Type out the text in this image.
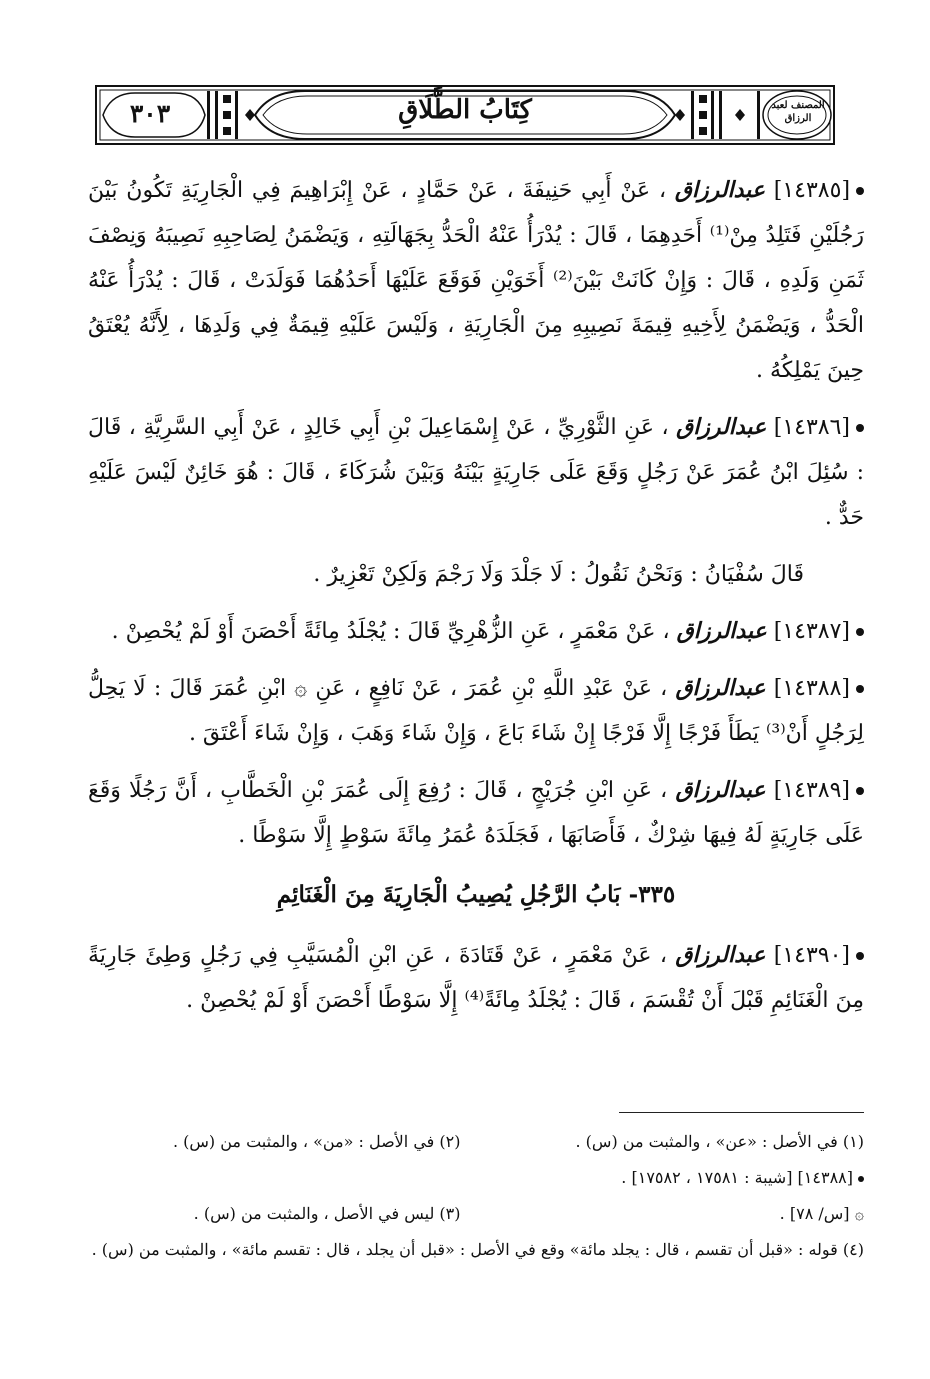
كِتَابُ الطَّلَاقِ
٣٠٣	المصنف لعبد الرزاق

[١٤٣٨٥] عبدالرزاق ، عَنْ أَبِي حَنِيفَةَ ، عَنْ حَمَّادٍ ، عَنْ إِبْرَاهِيمَ فِي الْجَارِيَةِ تَكُونُ بَيْنَ رَجُلَيْنِ فَتَلِدُ مِنْ⁽¹⁾ أَحَدِهِمَا ، قَالَ : يُدْرَأُ عَنْهُ الْحَدُّ بِجَهَالَتِهِ ، وَيَضْمَنُ لِصَاحِبِهِ نَصِيبَهُ وَنِصْفَ ثَمَنِ وَلَدِهِ ، قَالَ : وَإِنْ كَانَتْ بَيْنَ⁽²⁾ أَخَوَيْنِ فَوَقَعَ عَلَيْهَا أَحَدُهُمَا فَوَلَدَتْ ، قَالَ : يُدْرَأُ عَنْهُ الْحَدُّ ، وَيَضْمَنُ لِأَخِيهِ قِيمَةَ نَصِيبِهِ مِنَ الْجَارِيَةِ ، وَلَيْسَ عَلَيْهِ قِيمَةٌ فِي وَلَدِهَا ، لِأَنَّهُ يُعْتَقُ حِينَ يَمْلِكُهُ .

[١٤٣٨٦] عبدالرزاق ، عَنِ الثَّوْرِيِّ ، عَنْ إِسْمَاعِيلَ بْنِ أَبِي خَالِدٍ ، عَنْ أَبِي السَّرِيَّةِ ، قَالَ : سُئِلَ ابْنُ عُمَرَ عَنْ رَجُلٍ وَقَعَ عَلَى جَارِيَةٍ بَيْنَهُ وَبَيْنَ شُرَكَاءَ ، قَالَ : هُوَ خَائِنٌ لَيْسَ عَلَيْهِ حَدٌّ .

قَالَ سُفْيَانُ : وَنَحْنُ نَقُولُ : لَا جَلْدَ وَلَا رَجْمَ وَلَكِنْ تَعْزِيرٌ .

[١٤٣٨٧] عبدالرزاق ، عَنْ مَعْمَرٍ ، عَنِ الزُّهْرِيِّ قَالَ : يُجْلَدُ مِائَةً أَحْصَنَ أَوْ لَمْ يُحْصِنْ .

[١٤٣٨٨] عبدالرزاق ، عَنْ عَبْدِ اللَّهِ بْنِ عُمَرَ ، عَنْ نَافِعٍ ، عَنِ ۞ ابْنِ عُمَرَ قَالَ : لَا يَحِلُّ لِرَجُلٍ أَنْ⁽³⁾ يَطَأَ فَرْجًا إِلَّا فَرْجًا إِنْ شَاءَ بَاعَ ، وَإِنْ شَاءَ وَهَبَ ، وَإِنْ شَاءَ أَعْتَقَ .

[١٤٣٨٩] عبدالرزاق ، عَنِ ابْنِ جُرَيْجٍ ، قَالَ : رُفِعَ إِلَى عُمَرَ بْنِ الْخَطَّابِ ، أَنَّ رَجُلًا وَقَعَ عَلَى جَارِيَةٍ لَهُ فِيهَا شِرْكٌ ، فَأَصَابَهَا ، فَجَلَدَهُ عُمَرُ مِائَةَ سَوْطٍ إِلَّا سَوْطًا .

٣٣٥- بَابُ الرَّجُلِ يُصِيبُ الْجَارِيَةَ مِنَ الْغَنَائِمِ

[١٤٣٩٠] عبدالرزاق ، عَنْ مَعْمَرٍ ، عَنْ قَتَادَةَ ، عَنِ ابْنِ الْمُسَيَّبِ فِي رَجُلٍ وَطِئَ جَارِيَةً مِنَ الْغَنَائِمِ قَبْلَ أَنْ تُقْسَمَ ، قَالَ : يُجْلَدُ مِائَةً⁽⁴⁾ إِلَّا سَوْطًا أَحْصَنَ أَوْ لَمْ يُحْصِنْ .

(١) في الأصل : «عن» ، والمثبت من (س) .
(٢) في الأصل : «من» ، والمثبت من (س) .
[١٤٣٨٨] [شيبة : ١٧٥٨١ ، ١٧٥٨٢] .
۞ [س/ ٧٨] .
(٣) ليس في الأصل ، والمثبت من (س) .
(٤) قوله : «قبل أن تقسم ، قال : يجلد مائة» وقع في الأصل : «قبل أن يجلد ، قال : تقسم مائة» ، والمثبت من (س) .
